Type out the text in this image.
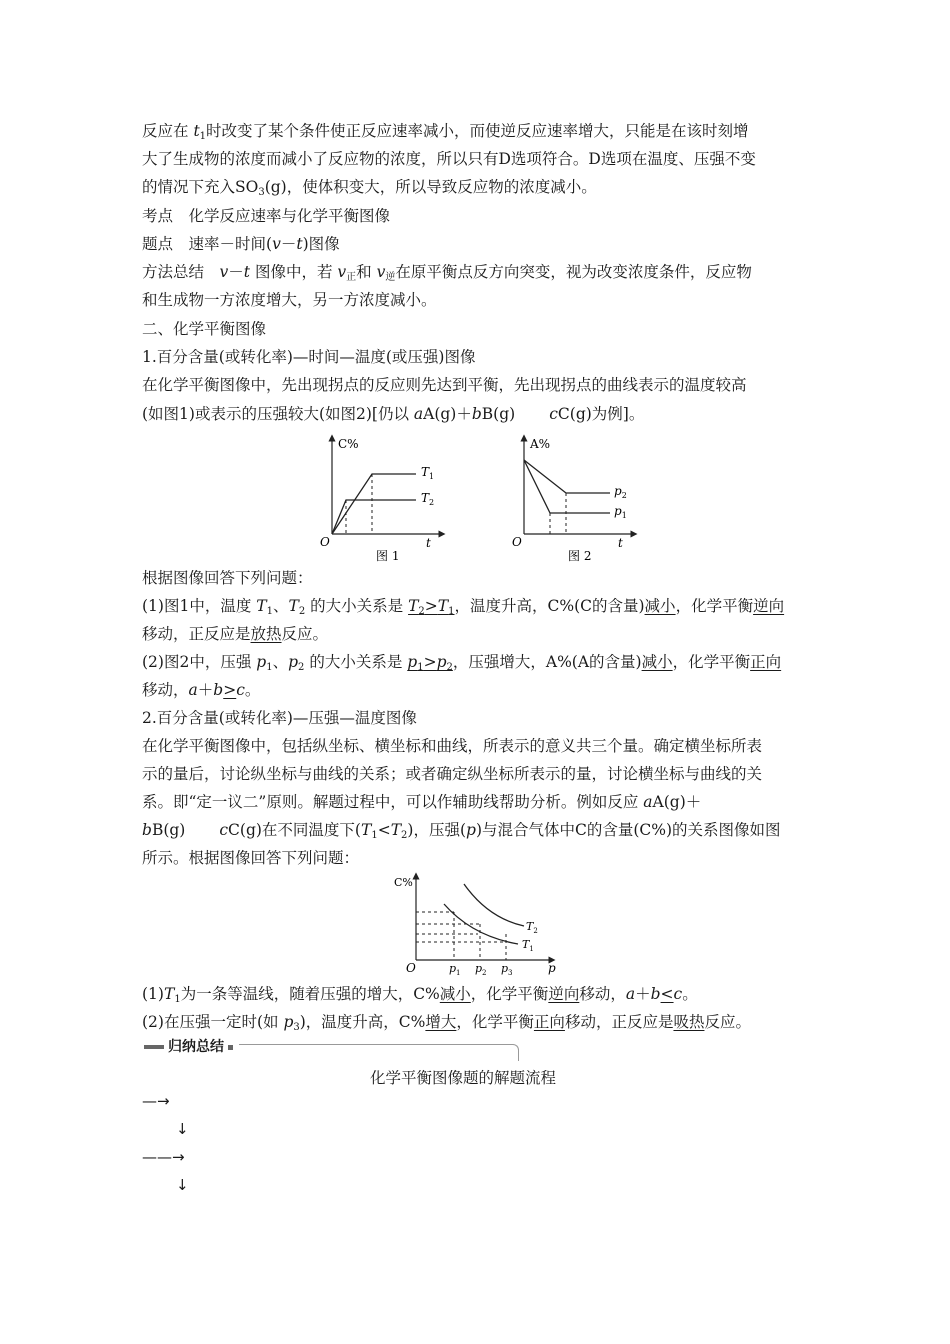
反应在 $t_1$时改变了某个条件使正反应速率减小，而使逆反应速率增大，只能是在该时刻增
大了生成物的浓度而减小了反应物的浓度，所以只有D选项符合。D选项在温度、压强不变
的情况下充入$SO_3(g)$，使体积变大，所以导致反应物的浓度减小。
考点　化学反应速率与化学平衡图像
题点　速率－时间(v－t)图像
方法总结　v－t 图像中，若 $v_正$和 $v_逆$在原平衡点反方向突变，视为改变浓度条件，反应物
和生成物一方浓度增大，另一方浓度减小。
二、化学平衡图像
1.百分含量(或转化率)—时间—温度(或压强)图像
在化学平衡图像中，先出现拐点的反应则先达到平衡，先出现拐点的曲线表示的温度较高
(如图1)或表示的压强较大(如图2)[仍以 aA(g)＋bB(g) cC(g)为例]。
C%
O	t
$T_1$
$T_2$
图 1
A%
O	t
$p_2$
$p_1$
图 2
根据图像回答下列问题：
(1)图1中，温度 $T_1$、$T_2$ 的大小关系是 $T_2>T_1$，温度升高，C%(C的含量)减小，化学平衡逆向
移动，正反应是放热反应。
(2)图2中，压强 $p_1$、$p_2$ 的大小关系是 $p_1>p_2$，压强增大，A%(A的含量)减小，化学平衡正向
移动，a＋b>c。
2.百分含量(或转化率)—压强—温度图像
在化学平衡图像中，包括纵坐标、横坐标和曲线，所表示的意义共三个量。确定横坐标所表
示的量后，讨论纵坐标与曲线的关系；或者确定纵坐标所表示的量，讨论横坐标与曲线的关
系。即“定一议二”原则。解题过程中，可以作辅助线帮助分析。例如反应 aA(g)＋
bB(g) cC(g)在不同温度下$(T_1<T_2)$，压强(p)与混合气体中C的含量(C%)的关系图像如图
所示。根据图像回答下列问题：
C%
O	p
$T_2$
$T_1$
$p_1$ $p_2$ $p_3$
$(1)T_1$为一条等温线，随着压强的增大，C%减小，化学平衡逆向移动，a＋b<c。
(2)在压强一定时(如 $p_3$)，温度升高，C%增大，化学平衡正向移动，正反应是吸热反应。
归纳总结
化学平衡图像题的解题流程
—→
↓
——→
↓
